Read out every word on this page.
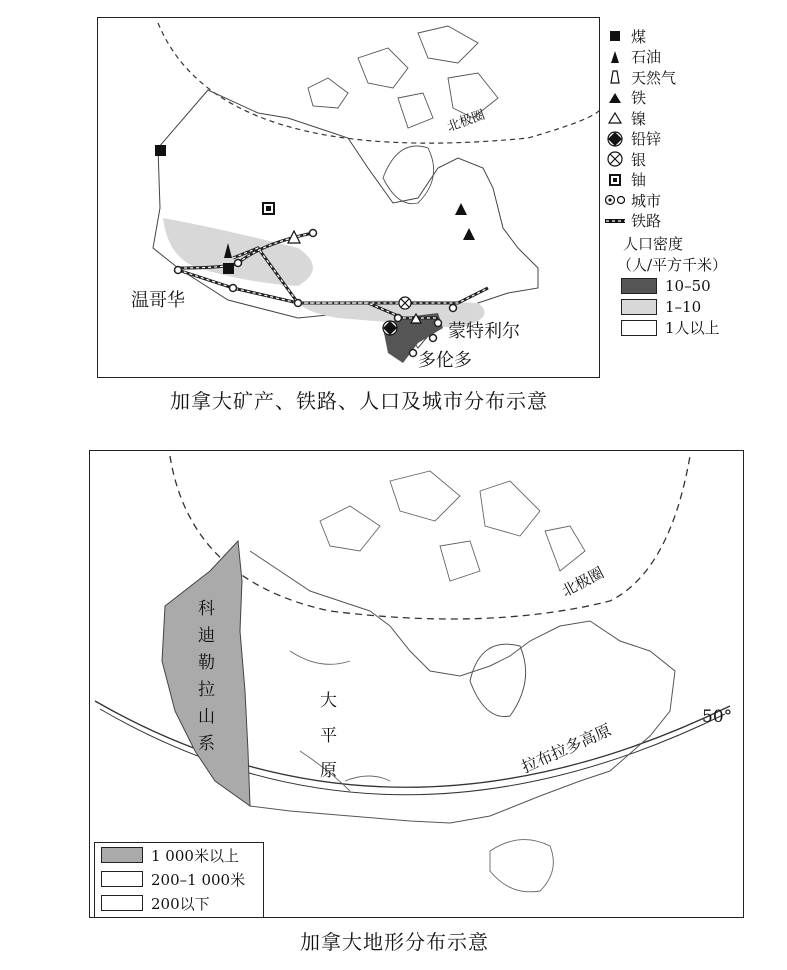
北极圈
温哥华
蒙特利尔
多伦多
煤
石油
天然气
铁
镍
铅锌
银
铀
城市
铁路
人口密度
（人/平方千米）
10–50
1–10
1人以上
加拿大矿产、铁路、人口及城市分布示意
科迪勒拉山系	大平原	拉布拉多高原
北极圈
50°
1 000米以上
200–1 000米
200以下
加拿大地形分布示意
